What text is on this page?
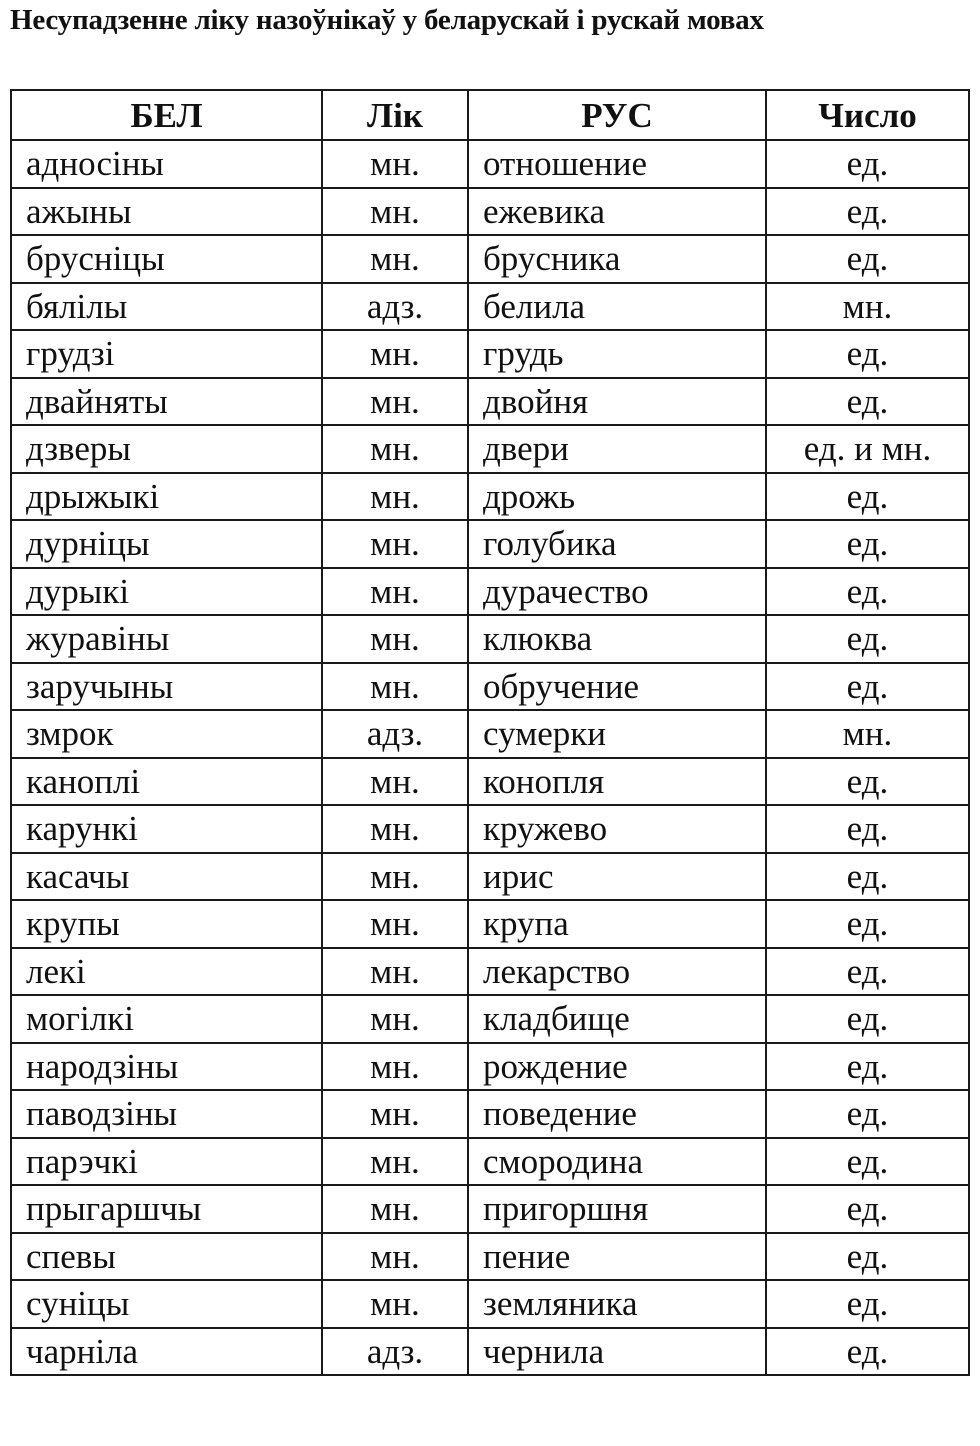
Несупадзенне ліку назоўнікаў у беларускай і рускай мовах
БЕЛ	Лік	РУС	Число
адносіны	мн.	отношение	ед.
ажыны	мн.	ежевика	ед.
брусніцы	мн.	брусника	ед.
бялілы	адз.	белила	мн.
грудзі	мн.	грудь	ед.
двайняты	мн.	двойня	ед.
дзверы	мн.	двери	ед. и мн.
дрыжыкі	мн.	дрожь	ед.
дурніцы	мн.	голубика	ед.
дурыкі	мн.	дурачество	ед.
журавіны	мн.	клюква	ед.
заручыны	мн.	обручение	ед.
змрок	адз.	сумерки	мн.
каноплі	мн.	конопля	ед.
карункі	мн.	кружево	ед.
касачы	мн.	ирис	ед.
крупы	мн.	крупа	ед.
лекі	мн.	лекарство	ед.
могілкі	мн.	кладбище	ед.
народзіны	мн.	рождение	ед.
паводзіны	мн.	поведение	ед.
парэчкі	мн.	смородина	ед.
прыгаршчы	мн.	пригоршня	ед.
спевы	мн.	пение	ед.
суніцы	мн.	земляника	ед.
чарніла	адз.	чернила	ед.
